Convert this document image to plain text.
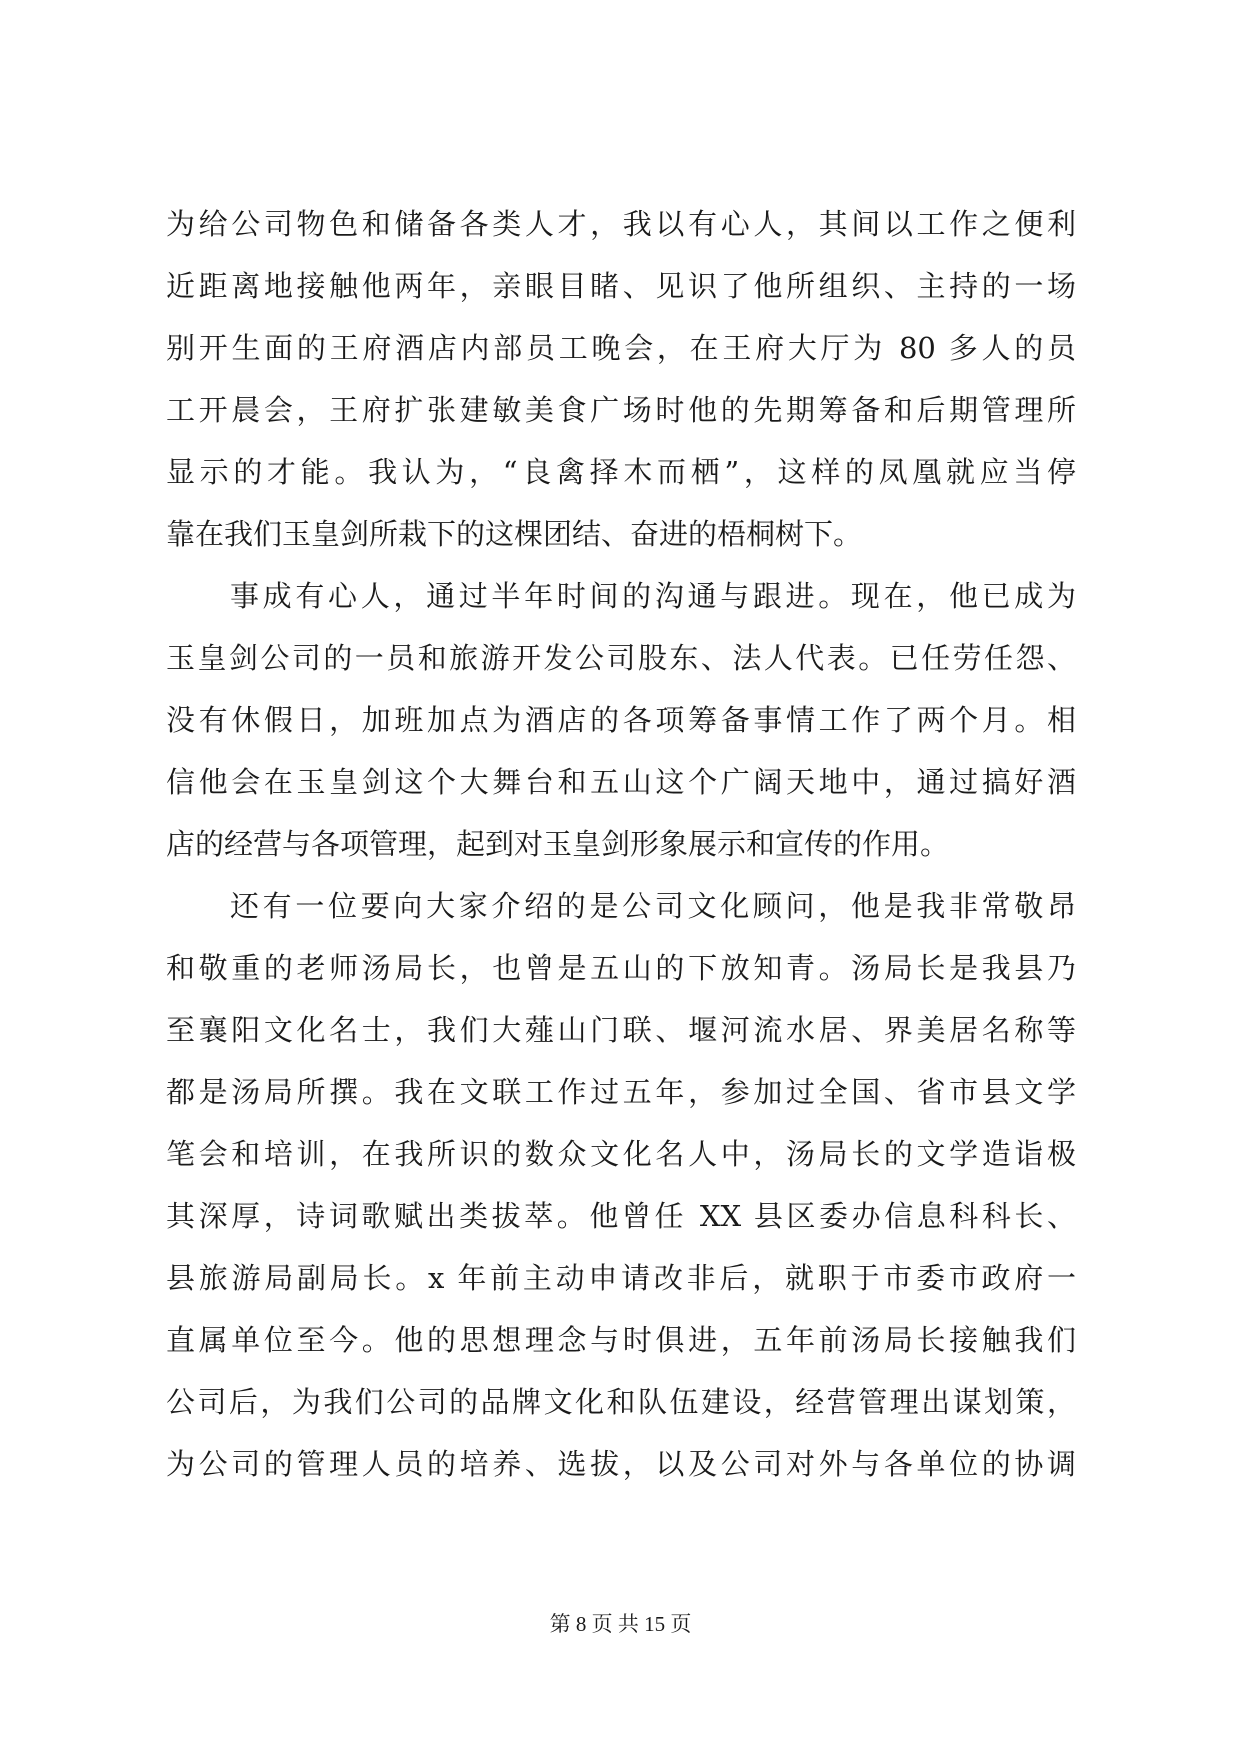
为给公司物色和储备各类人才，我以有心人，其间以工作之便利
近距离地接触他两年，亲眼目睹、见识了他所组织、主持的一场
别开生面的王府酒店内部员工晚会，在王府大厅为 80 多人的员
工开晨会，王府扩张建敏美食广场时他的先期筹备和后期管理所
显示的才能。我认为，“良禽择木而栖”，这样的凤凰就应当停
靠在我们玉皇剑所栽下的这棵团结、奋进的梧桐树下。
事成有心人，通过半年时间的沟通与跟进。现在，他已成为
玉皇剑公司的一员和旅游开发公司股东、法人代表。已任劳任怨、
没有休假日，加班加点为酒店的各项筹备事情工作了两个月。相
信他会在玉皇剑这个大舞台和五山这个广阔天地中，通过搞好酒
店的经营与各项管理，起到对玉皇剑形象展示和宣传的作用。
还有一位要向大家介绍的是公司文化顾问，他是我非常敬昂
和敬重的老师汤局长，也曾是五山的下放知青。汤局长是我县乃
至襄阳文化名士，我们大薤山门联、堰河流水居、界美居名称等
都是汤局所撰。我在文联工作过五年，参加过全国、省市县文学
笔会和培训，在我所识的数众文化名人中，汤局长的文学造诣极
其深厚，诗词歌赋出类拔萃。他曾任 XX 县区委办信息科科长、
县旅游局副局长。x 年前主动申请改非后，就职于市委市政府一
直属单位至今。他的思想理念与时俱进，五年前汤局长接触我们
公司后，为我们公司的品牌文化和队伍建设，经营管理出谋划策，
为公司的管理人员的培养、选拔，以及公司对外与各单位的协调
第 8 页 共 15 页
